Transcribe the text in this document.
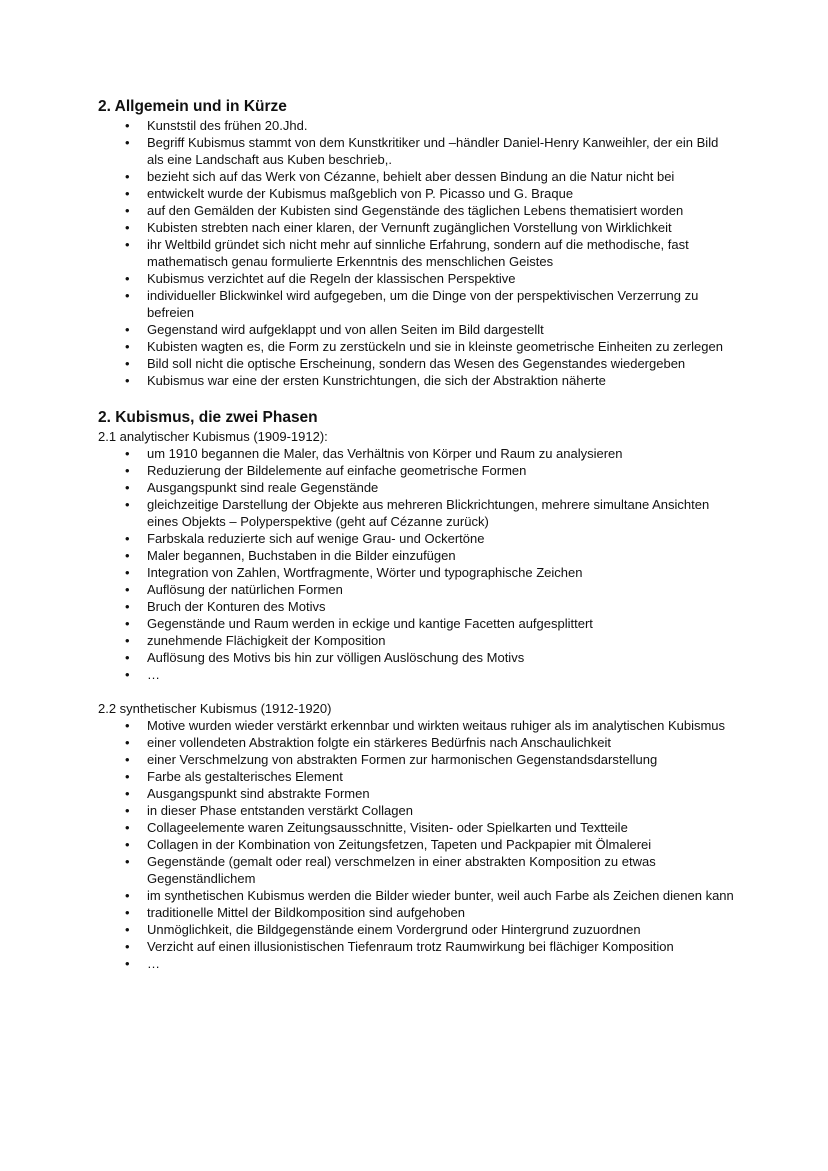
2. Allgemein und in Kürze
• Kunststil des frühen 20.Jhd.
• Begriff Kubismus stammt von dem Kunstkritiker und –händler Daniel-Henry Kanweihler, der ein Bild als eine Landschaft aus Kuben beschrieb,.
• bezieht sich auf das Werk von Cézanne, behielt aber dessen Bindung an die Natur nicht bei
• entwickelt wurde der Kubismus maßgeblich von P. Picasso und G. Braque
• auf den Gemälden der Kubisten sind Gegenstände des täglichen Lebens thematisiert worden
• Kubisten strebten nach einer klaren, der Vernunft zugänglichen Vorstellung von Wirklichkeit
• ihr Weltbild gründet sich nicht mehr auf sinnliche Erfahrung, sondern auf die methodische, fast mathematisch genau formulierte Erkenntnis des menschlichen Geistes
• Kubismus verzichtet auf die Regeln der klassischen Perspektive
• individueller Blickwinkel wird aufgegeben, um die Dinge von der perspektivischen Verzerrung zu befreien
• Gegenstand wird aufgeklappt und von allen Seiten im Bild dargestellt
• Kubisten wagten es, die Form zu zerstückeln und sie in kleinste geometrische Einheiten zu zerlegen
• Bild soll nicht die optische Erscheinung, sondern das Wesen des Gegenstandes wiedergeben
• Kubismus war eine der ersten Kunstrichtungen, die sich der Abstraktion näherte
2. Kubismus, die zwei Phasen

2.1 analytischer Kubismus (1909-1912):

• um 1910 begannen die Maler, das Verhältnis von Körper und Raum zu analysieren
• Reduzierung der Bildelemente auf einfache geometrische Formen
• Ausgangspunkt sind reale Gegenstände
• gleichzeitige Darstellung der Objekte aus mehreren Blickrichtungen, mehrere simultane Ansichten eines Objekts – Polyperspektive (geht auf Cézanne zurück)
• Farbskala reduzierte sich auf wenige Grau- und Ockertöne
• Maler begannen, Buchstaben in die Bilder einzufügen
• Integration von Zahlen, Wortfragmente, Wörter und typographische Zeichen
• Auflösung der natürlichen Formen
• Bruch der Konturen des Motivs
• Gegenstände und Raum werden in eckige und kantige Facetten aufgesplittert
• zunehmende Flächigkeit der Komposition
• Auflösung des Motivs bis hin zur völligen Auslöschung des Motivs
• …

2.2 synthetischer Kubismus (1912-1920)

• Motive wurden wieder verstärkt erkennbar und wirkten weitaus ruhiger als im analytischen Kubismus
• einer vollendeten Abstraktion folgte ein stärkeres Bedürfnis nach Anschaulichkeit
• einer Verschmelzung von abstrakten Formen zur harmonischen Gegenstandsdarstellung
• Farbe als gestalterisches Element
• Ausgangspunkt sind abstrakte Formen
• in dieser Phase entstanden verstärkt Collagen
• Collageelemente waren Zeitungsausschnitte, Visiten- oder Spielkarten und Textteile
• Collagen in der Kombination von Zeitungsfetzen, Tapeten und Packpapier mit Ölmalerei
• Gegenstände (gemalt oder real) verschmelzen in einer abstrakten Komposition zu etwas Gegenständlichem
• im synthetischen Kubismus werden die Bilder wieder bunter, weil auch Farbe als Zeichen dienen kann
• traditionelle Mittel der Bildkomposition sind aufgehoben
• Unmöglichkeit, die Bildgegenstände einem Vordergrund oder Hintergrund zuzuordnen
• Verzicht auf einen illusionistischen Tiefenraum trotz Raumwirkung bei flächiger Komposition
• …
